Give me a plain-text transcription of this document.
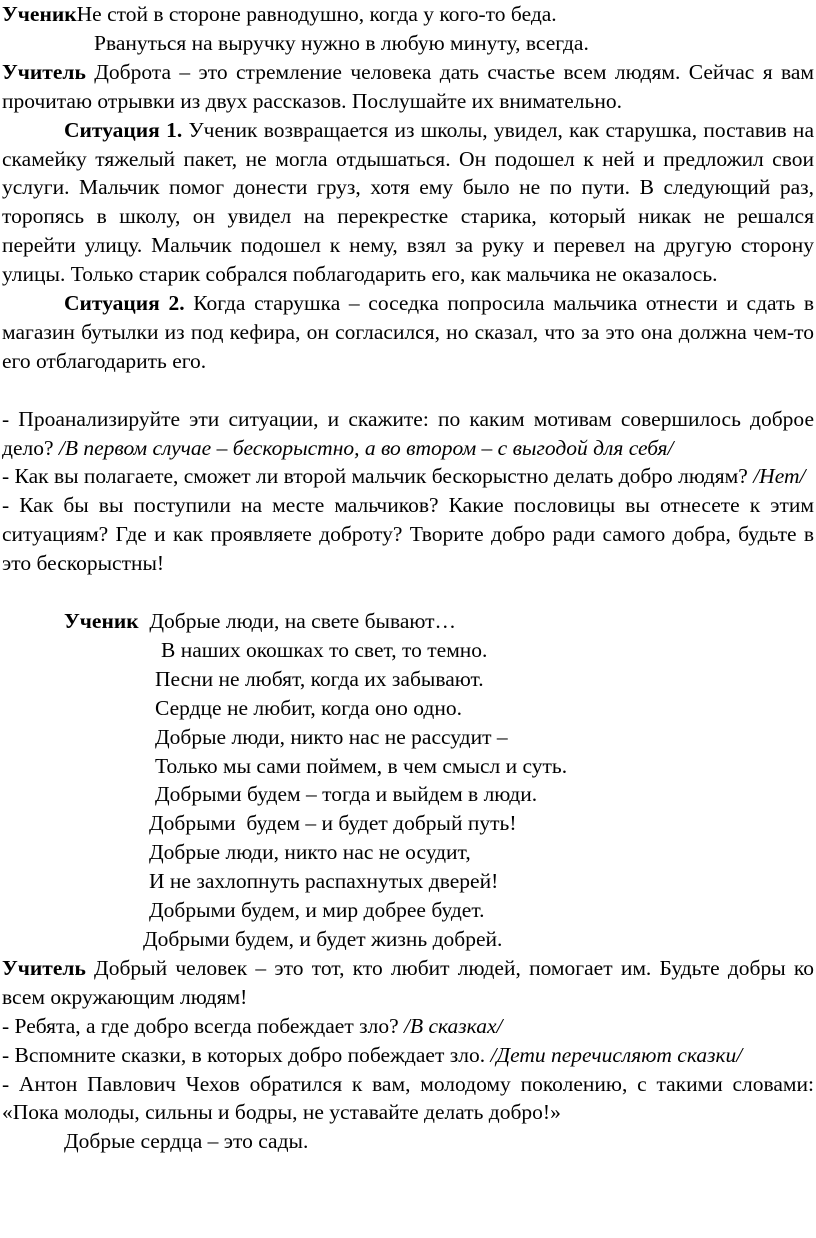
УченикНе стой в стороне равнодушно, когда у кого-то беда.

Рвануться на выручку нужно в любую минуту, всегда.

Учитель Доброта – это стремление человека дать счастье всем людям. Сейчас я вам прочитаю отрывки из двух рассказов. Послушайте их внимательно.

Ситуация 1. Ученик возвращается из школы, увидел, как старушка, поставив на скамейку тяжелый пакет, не могла отдышаться. Он подошел к ней и предложил свои услуги. Мальчик помог донести груз, хотя ему было не по пути. В следующий раз, торопясь в школу, он увидел на перекрестке старика, который никак не решался перейти улицу. Мальчик подошел к нему, взял за руку и перевел на другую сторону улицы. Только старик собрался поблагодарить его, как мальчика не оказалось.

Ситуация 2. Когда старушка – соседка попросила мальчика отнести и сдать в магазин бутылки из под кефира, он согласился, но сказал, что за это она должна чем-то его отблагодарить его.

- Проанализируйте эти ситуации, и скажите: по каким мотивам совершилось доброе дело? /В первом случае – бескорыстно, а во втором – с выгодой для себя/

- Как вы полагаете, сможет ли второй мальчик бескорыстно делать добро людям? /Нет/

- Как бы вы поступили на месте мальчиков? Какие пословицы вы отнесете к этим ситуациям? Где и как проявляете доброту? Творите добро ради самого добра, будьте в это бескорыстны!

Ученик  Добрые люди, на свете бывают…

В наших окошках то свет, то темно.

Песни не любят, когда их забывают.

Сердце не любит, когда оно одно.

Добрые люди, никто нас не рассудит –

Только мы сами поймем, в чем смысл и суть.

Добрыми будем – тогда и выйдем в люди.

Добрыми  будем – и будет добрый путь!

Добрые люди, никто нас не осудит,

И не захлопнуть распахнутых дверей!

Добрыми будем, и мир добрее будет.

Добрыми будем, и будет жизнь добрей.

Учитель Добрый человек – это тот, кто любит людей, помогает им. Будьте добры ко всем окружающим людям!

- Ребята, а где добро всегда побеждает зло? /В сказках/

- Вспомните сказки, в которых добро побеждает зло. /Дети перечисляют сказки/

- Антон Павлович Чехов обратился к вам, молодому поколению, с такими словами: «Пока молоды, сильны и бодры, не уставайте делать добро!»

Добрые сердца – это сады.
